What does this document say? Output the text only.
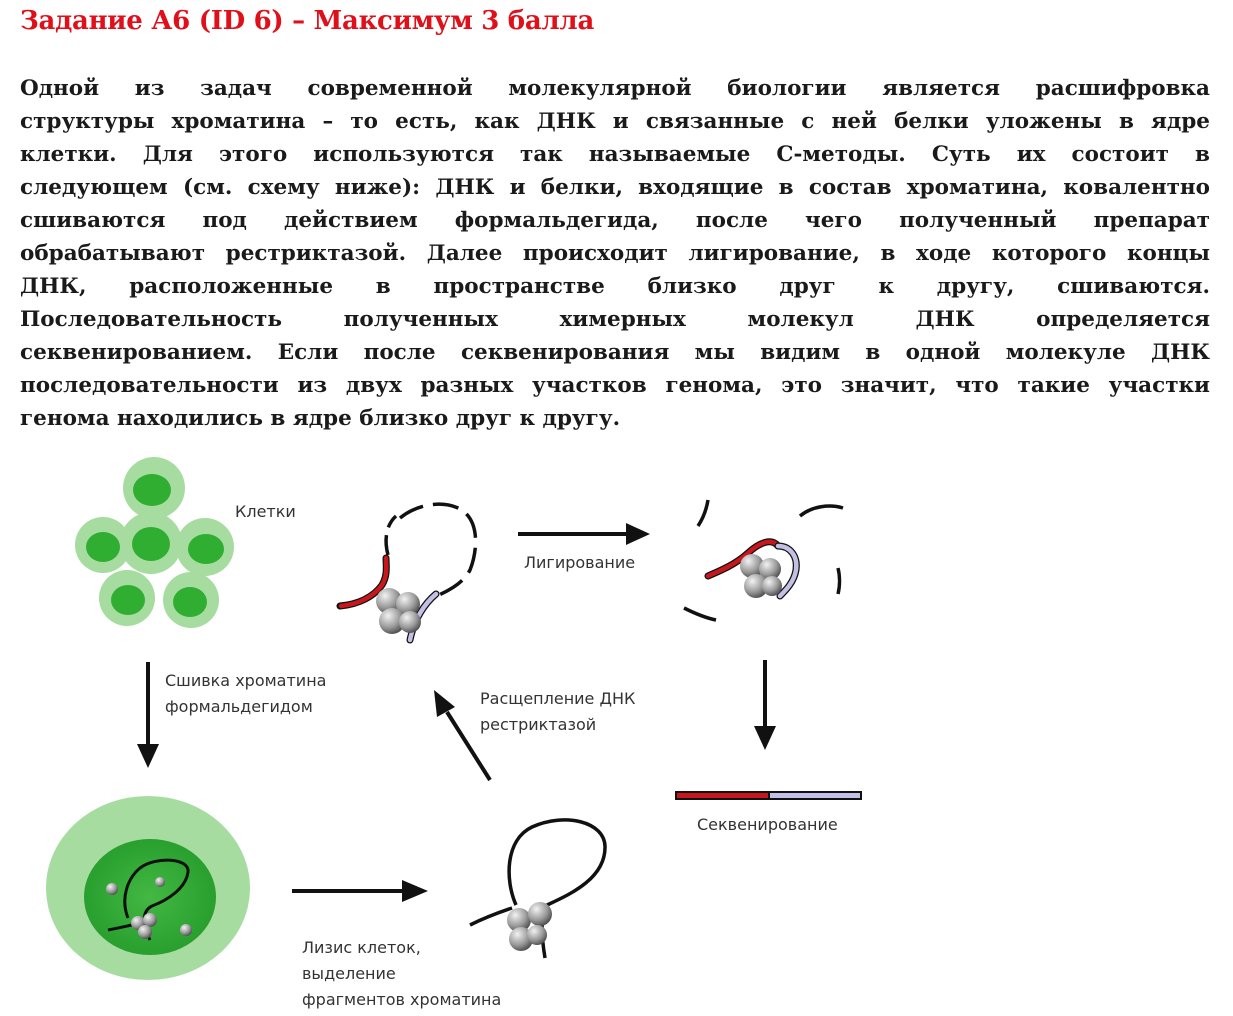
Задание А6 (ID 6) – Максимум 3 балла
Одной из задач современной молекулярной биологии является расшифровка
структуры хроматина – то есть, как ДНК и связанные с ней белки уложены в ядре
клетки. Для этого используются так называемые C-методы. Суть их состоит в
следующем (см. схему ниже): ДНК и белки, входящие в состав хроматина, ковалентно
сшиваются под действием формальдегида, после чего полученный препарат
обрабатывают рестриктазой. Далее происходит лигирование, в ходе которого концы
ДНК, расположенные в пространстве близко друг к другу, сшиваются.
Последовательность полученных химерных молекул ДНК определяется
секвенированием. Если после секвенирования мы видим в одной молекуле ДНК
последовательности из двух разных участков генома, это значит, что такие участки
генома находились в ядре близко друг к другу.
Клетки
Сшивка хроматина формальдегидом
Лизис клеток, выделение фрагментов хроматина
Расщепление ДНК рестриктазой
Лигирование
Секвенирование
